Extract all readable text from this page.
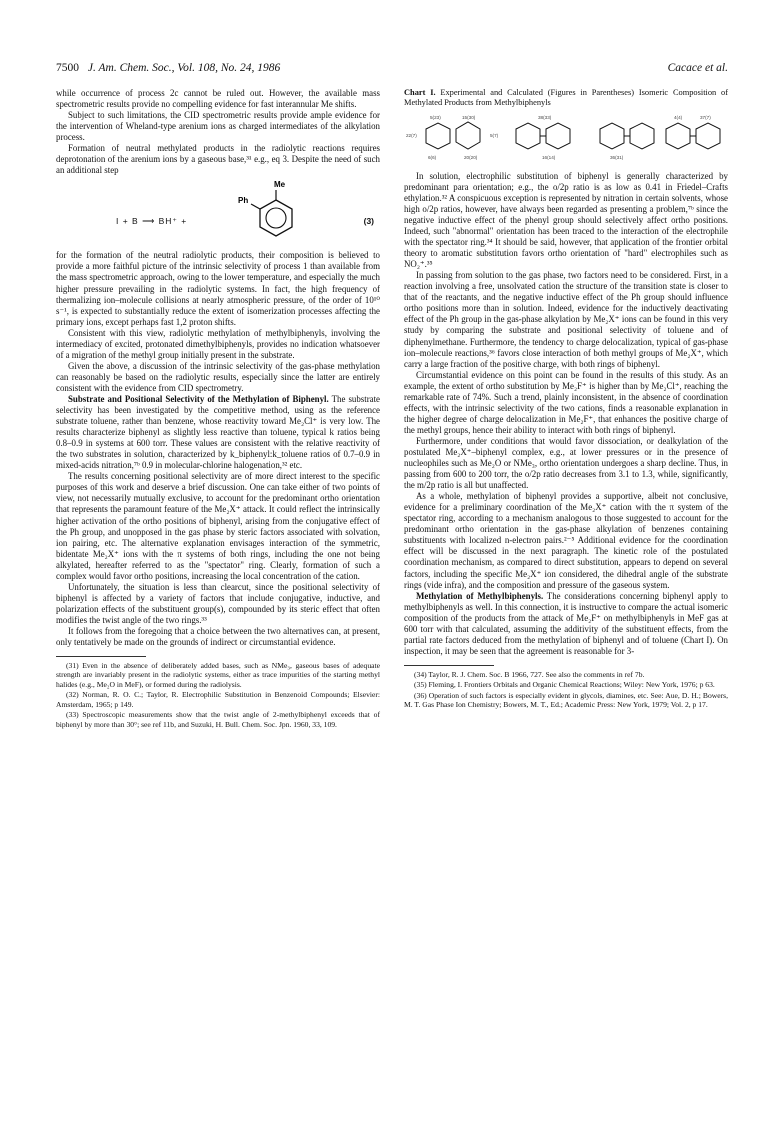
7500 J. Am. Chem. Soc., Vol. 108, No. 24, 1986	Cacace et al.

while occurrence of process 2c cannot be ruled out. However, the available mass spectrometric results provide no compelling evidence for fast interannular Me shifts.

Subject to such limitations, the CID spectrometric results provide ample evidence for the intervention of Wheland-type arenium ions as charged intermediates of the alkylation process.

Formation of neutral methylated products in the radiolytic reactions requires deprotonation of the arenium ions by a gaseous base,³¹ e.g., eq 3. Despite the need of such an additional step

I + B ⟶ BH⁺ +
Me
Ph
(3)

for the formation of the neutral radiolytic products, their composition is believed to provide a more faithful picture of the intrinsic selectivity of process 1 than available from the mass spectrometric approach, owing to the lower temperature, and especially the much higher pressure prevailing in the radiolytic systems. In fact, the high frequency of thermalizing ion–molecule collisions at nearly atmospheric pressure, of the order of 10¹⁰ s⁻¹, is expected to substantially reduce the extent of isomerization processes affecting the primary ions, except perhaps fast 1,2 proton shifts.

Consistent with this view, radiolytic methylation of methylbiphenyls, involving the intermediacy of excited, protonated dimethylbiphenyls, provides no indication whatsoever of a migration of the methyl group initially present in the substrate.

Given the above, a discussion of the intrinsic selectivity of the gas-phase methylation can reasonably be based on the radiolytic results, especially since the latter are entirely consistent with the evidence from CID spectrometry.

Substrate and Positional Selectivity of the Methylation of Biphenyl. The substrate selectivity has been investigated by the competitive method, using as the reference substrate toluene, rather than benzene, whose reactivity toward Me₂Cl⁺ is very low. The results characterize biphenyl as slightly less reactive than toluene, typical k ratios being 0.8–0.9 in systems at 600 torr. These values are consistent with the relative reactivity of the two substrates in solution, characterized by k_biphenyl:k_toluene ratios of 0.7–0.9 in mixed-acids nitration,⁷ᵇ 0.9 in molecular-chlorine halogenation,³² etc.

The results concerning positional selectivity are of more direct interest to the specific purposes of this work and deserve a brief discussion. One can take either of two points of view, not necessarily mutually exclusive, to account for the predominant ortho orientation that represents the paramount feature of the Me₂X⁺ attack. It could reflect the intrinsically higher activation of the ortho positions of biphenyl, arising from the conjugative effect of the Ph group, and unopposed in the gas phase by steric factors associated with solvation, ion pairing, etc. The alternative explanation envisages interaction of the symmetric, bidentate Me₂X⁺ ions with the π systems of both rings, including the one not being alkylated, hereafter referred to as the "spectator" ring. Clearly, formation of such a complex would favor ortho positions, increasing the local concentration of the cation.

Unfortunately, the situation is less than clearcut, since the positional selectivity of biphenyl is affected by a variety of factors that include conjugative, inductive, and polarization effects of the substituent group(s), compounded by its steric effect that often modifies the twist angle of the two rings.³³

It follows from the foregoing that a choice between the two alternatives can, at present, only tentatively be made on the grounds of indirect or circumstantial evidence.

(31) Even in the absence of deliberately added bases, such as NMe₃, gaseous bases of adequate strength are invariably present in the radiolytic systems, either as trace impurities of the starting methyl halides (e.g., Me₂O in MeF), or formed during the radiolysis.

(32) Norman, R. O. C.; Taylor, R. Electrophilic Substitution in Benzenoid Compounds; Elsevier: Amsterdam, 1965; p 149.

(33) Spectroscopic measurements show that the twist angle of 2-methylbiphenyl exceeds that of biphenyl by more than 30°; see ref 11b, and Suzuki, H. Bull. Chem. Soc. Jpn. 1960, 33, 109.

Chart I. Experimental and Calculated (Figures in Parentheses) Isomeric Composition of Methylated Products from Methylbiphenyls
5(23)	15(30)
22(7)
6(6)	20(20)
38(33)
5(7)
16(14)	36(31)
4(4)	37(7)

In solution, electrophilic substitution of biphenyl is generally characterized by predominant para orientation; e.g., the o/2p ratio is as low as 0.41 in Friedel–Crafts ethylation.³² A conspicuous exception is represented by nitration in certain solvents, whose high o/2p ratios, however, have always been regarded as presenting a problem,⁷ᵇ since the negative inductive effect of the phenyl group should selectively affect ortho positions. Indeed, such "abnormal" orientation has been traced to the interaction of the electrophile with the spectator ring.³⁴ It should be said, however, that application of the frontier orbital theory to aromatic substitution favors ortho orientation of "hard" electrophiles such as NO₂⁺.³⁵

In passing from solution to the gas phase, two factors need to be considered. First, in a reaction involving a free, unsolvated cation the structure of the transition state is closer to that of the reactants, and the negative inductive effect of the Ph group should influence ortho positions more than in solution. Indeed, evidence for the inductively deactivating effect of the Ph group in the gas-phase alkylation by Me₂X⁺ ions can be found in this very study by comparing the substrate and positional selectivity of toluene and of diphenylmethane. Furthermore, the tendency to charge delocalization, typical of gas-phase ion–molecule reactions,³⁶ favors close interaction of both methyl groups of Me₂X⁺, which carry a large fraction of the positive charge, with both rings of biphenyl.

Circumstantial evidence on this point can be found in the results of this study. As an example, the extent of ortho substitution by Me₂F⁺ is higher than by Me₂Cl⁺, reaching the remarkable rate of 74%. Such a trend, plainly inconsistent, in the absence of coordination effects, with the intrinsic selectivity of the two cations, finds a reasonable explanation in the higher degree of charge delocalization in Me₂F⁺, that enhances the positive charge of the methyl groups, hence their ability to interact with both rings of biphenyl.

Furthermore, under conditions that would favor dissociation, or dealkylation of the postulated Me₂X⁺–biphenyl complex, e.g., at lower pressures or in the presence of nucleophiles such as Me₂O or NMe₃, ortho orientation undergoes a sharp decline. Thus, in passing from 600 to 200 torr, the o/2p ratio decreases from 3.1 to 1.3, while, significantly, the m/2p ratio is all but unaffected.

As a whole, methylation of biphenyl provides a supportive, albeit not conclusive, evidence for a preliminary coordination of the Me₂X⁺ cation with the π system of the spectator ring, according to a mechanism analogous to those suggested to account for the predominant ortho orientation in the gas-phase alkylation of benzenes containing substituents with localized n-electron pairs.²⁻⁵ Additional evidence for the coordination effect will be discussed in the next paragraph. The kinetic role of the postulated coordination mechanism, as compared to direct substitution, appears to depend on several factors, including the specific Me₂X⁺ ion considered, the dihedral angle of the substrate rings (vide infra), and the composition and pressure of the gaseous system.

Methylation of Methylbiphenyls. The considerations concerning biphenyl apply to methylbiphenyls as well. In this connection, it is instructive to compare the actual isomeric composition of the products from the attack of Me₂F⁺ on methylbiphenyls in MeF gas at 600 torr with that calculated, assuming the additivity of the substituent effects, from the partial rate factors deduced from the methylation of biphenyl and of toluene (Chart I). On inspection, it may be seen that the agreement is reasonable for 3-

(34) Taylor, R. J. Chem. Soc. B 1966, 727. See also the comments in ref 7b.

(35) Fleming, I. Frontiers Orbitals and Organic Chemical Reactions; Wiley: New York, 1976; p 63.

(36) Operation of such factors is especially evident in glycols, diamines, etc. See: Aue, D. H.; Bowers, M. T. Gas Phase Ion Chemistry; Bowers, M. T., Ed.; Academic Press: New York, 1979; Vol. 2, p 17.
